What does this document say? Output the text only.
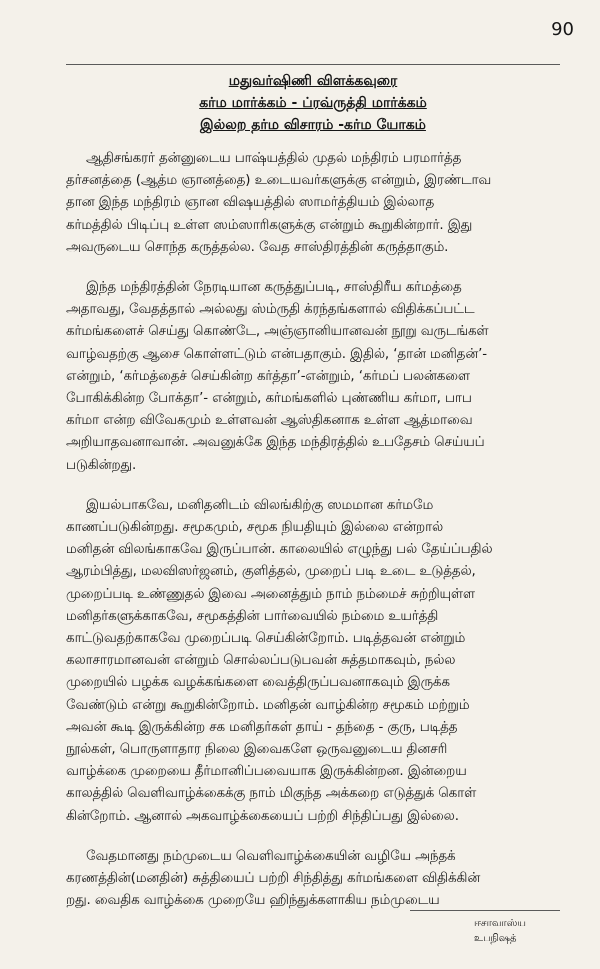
90
மதுவர்ஷிணி விளக்கவுரை
கர்ம மார்க்கம் - ப்ரவ்ருத்தி மார்க்கம்
இல்லற தர்ம விசாரம் -கர்ம யோகம்
ஆதிசங்கரர் தன்னுடைய பாஷ்யத்தில் முதல் மந்திரம் பரமார்த்த
தர்சனத்தை (ஆத்ம ஞானத்தை) உடையவர்களுக்கு என்றும், இரண்டாவ
தான இந்த மந்திரம் ஞான விஷயத்தில் ஸாமர்த்தியம் இல்லாத
கர்மத்தில் பிடிப்பு உள்ள ஸம்ஸாரிகளுக்கு என்றும் கூறுகின்றார். இது
அவருடைய சொந்த கருத்தல்ல. வேத சாஸ்திரத்தின் கருத்தாகும்.
இந்த மந்திரத்தின் நேரடியான கருத்துப்படி, சாஸ்திரீய கர்மத்தை
அதாவது, வேதத்தால் அல்லது ஸ்ம்ருதி க்ரந்தங்களால் விதிக்கப்பட்ட
கர்மங்களைச் செய்து கொண்டே, அஞ்ஞானியானவன் நூறு வருடங்கள்
வாழ்வதற்கு ஆசை கொள்ளட்டும் என்பதாகும். இதில், ‘தான் மனிதன்’-
என்றும், ‘கர்மத்தைச் செய்கின்ற கர்த்தா’-என்றும், ‘கர்மப் பலன்களை
போகிக்கின்ற போக்தா’- என்றும், கர்மங்களில் புண்ணிய கர்மா, பாப
கர்மா என்ற விவேகமும் உள்ளவன் ஆஸ்திகனாக உள்ள ஆத்மாவை
அறியாதவனாவான். அவனுக்கே இந்த மந்திரத்தில் உபதேசம் செய்யப்
படுகின்றது.
இயல்பாகவே, மனிதனிடம் விலங்கிற்கு ஸமமான கர்மமே
காணப்படுகின்றது. சமூகமும், சமூக நியதியும் இல்லை என்றால்
மனிதன் விலங்காகவே இருப்பான். காலையில் எழுந்து பல் தேய்ப்பதில்
ஆரம்பித்து, மலவிஸர்ஜனம், குளித்தல், முறைப் படி உடை உடுத்தல்,
முறைப்படி உண்ணுதல் இவை அனைத்தும் நாம் நம்மைச் சுற்றியுள்ள
மனிதர்களுக்காகவே, சமூகத்தின் பார்வையில் நம்மை உயர்த்தி
காட்டுவதற்காகவே முறைப்படி செய்கின்றோம். படித்தவன் என்றும்
கலாசாரமானவன் என்றும் சொல்லப்படுபவன் சுத்தமாகவும், நல்ல
முறையில் பழக்க வழக்கங்களை வைத்திருப்பவனாகவும் இருக்க
வேண்டும் என்று கூறுகின்றோம். மனிதன் வாழ்கின்ற சமூகம் மற்றும்
அவன் கூடி இருக்கின்ற சக மனிதர்கள் தாய் - தந்தை - குரு, படித்த
நூல்கள், பொருளாதார நிலை இவைகளே ஒருவனுடைய தினசரி
வாழ்க்கை முறையை தீர்மானிப்பவையாக இருக்கின்றன. இன்றைய
காலத்தில் வெளிவாழ்க்கைக்கு நாம் மிகுந்த அக்கறை எடுத்துக் கொள்
கின்றோம். ஆனால் அகவாழ்க்கையைப் பற்றி சிந்திப்பது இல்லை.
வேதமானது நம்முடைய வெளிவாழ்க்கையின் வழியே அந்தக்
கரணத்தின்(மனதின்) சுத்தியைப் பற்றி சிந்தித்து கர்மங்களை விதிக்கின்
றது. வைதிக வாழ்க்கை முறையே ஹிந்துக்களாகிய நம்முடைய
ஈசாவாஸ்ய
உபநிஷத்
